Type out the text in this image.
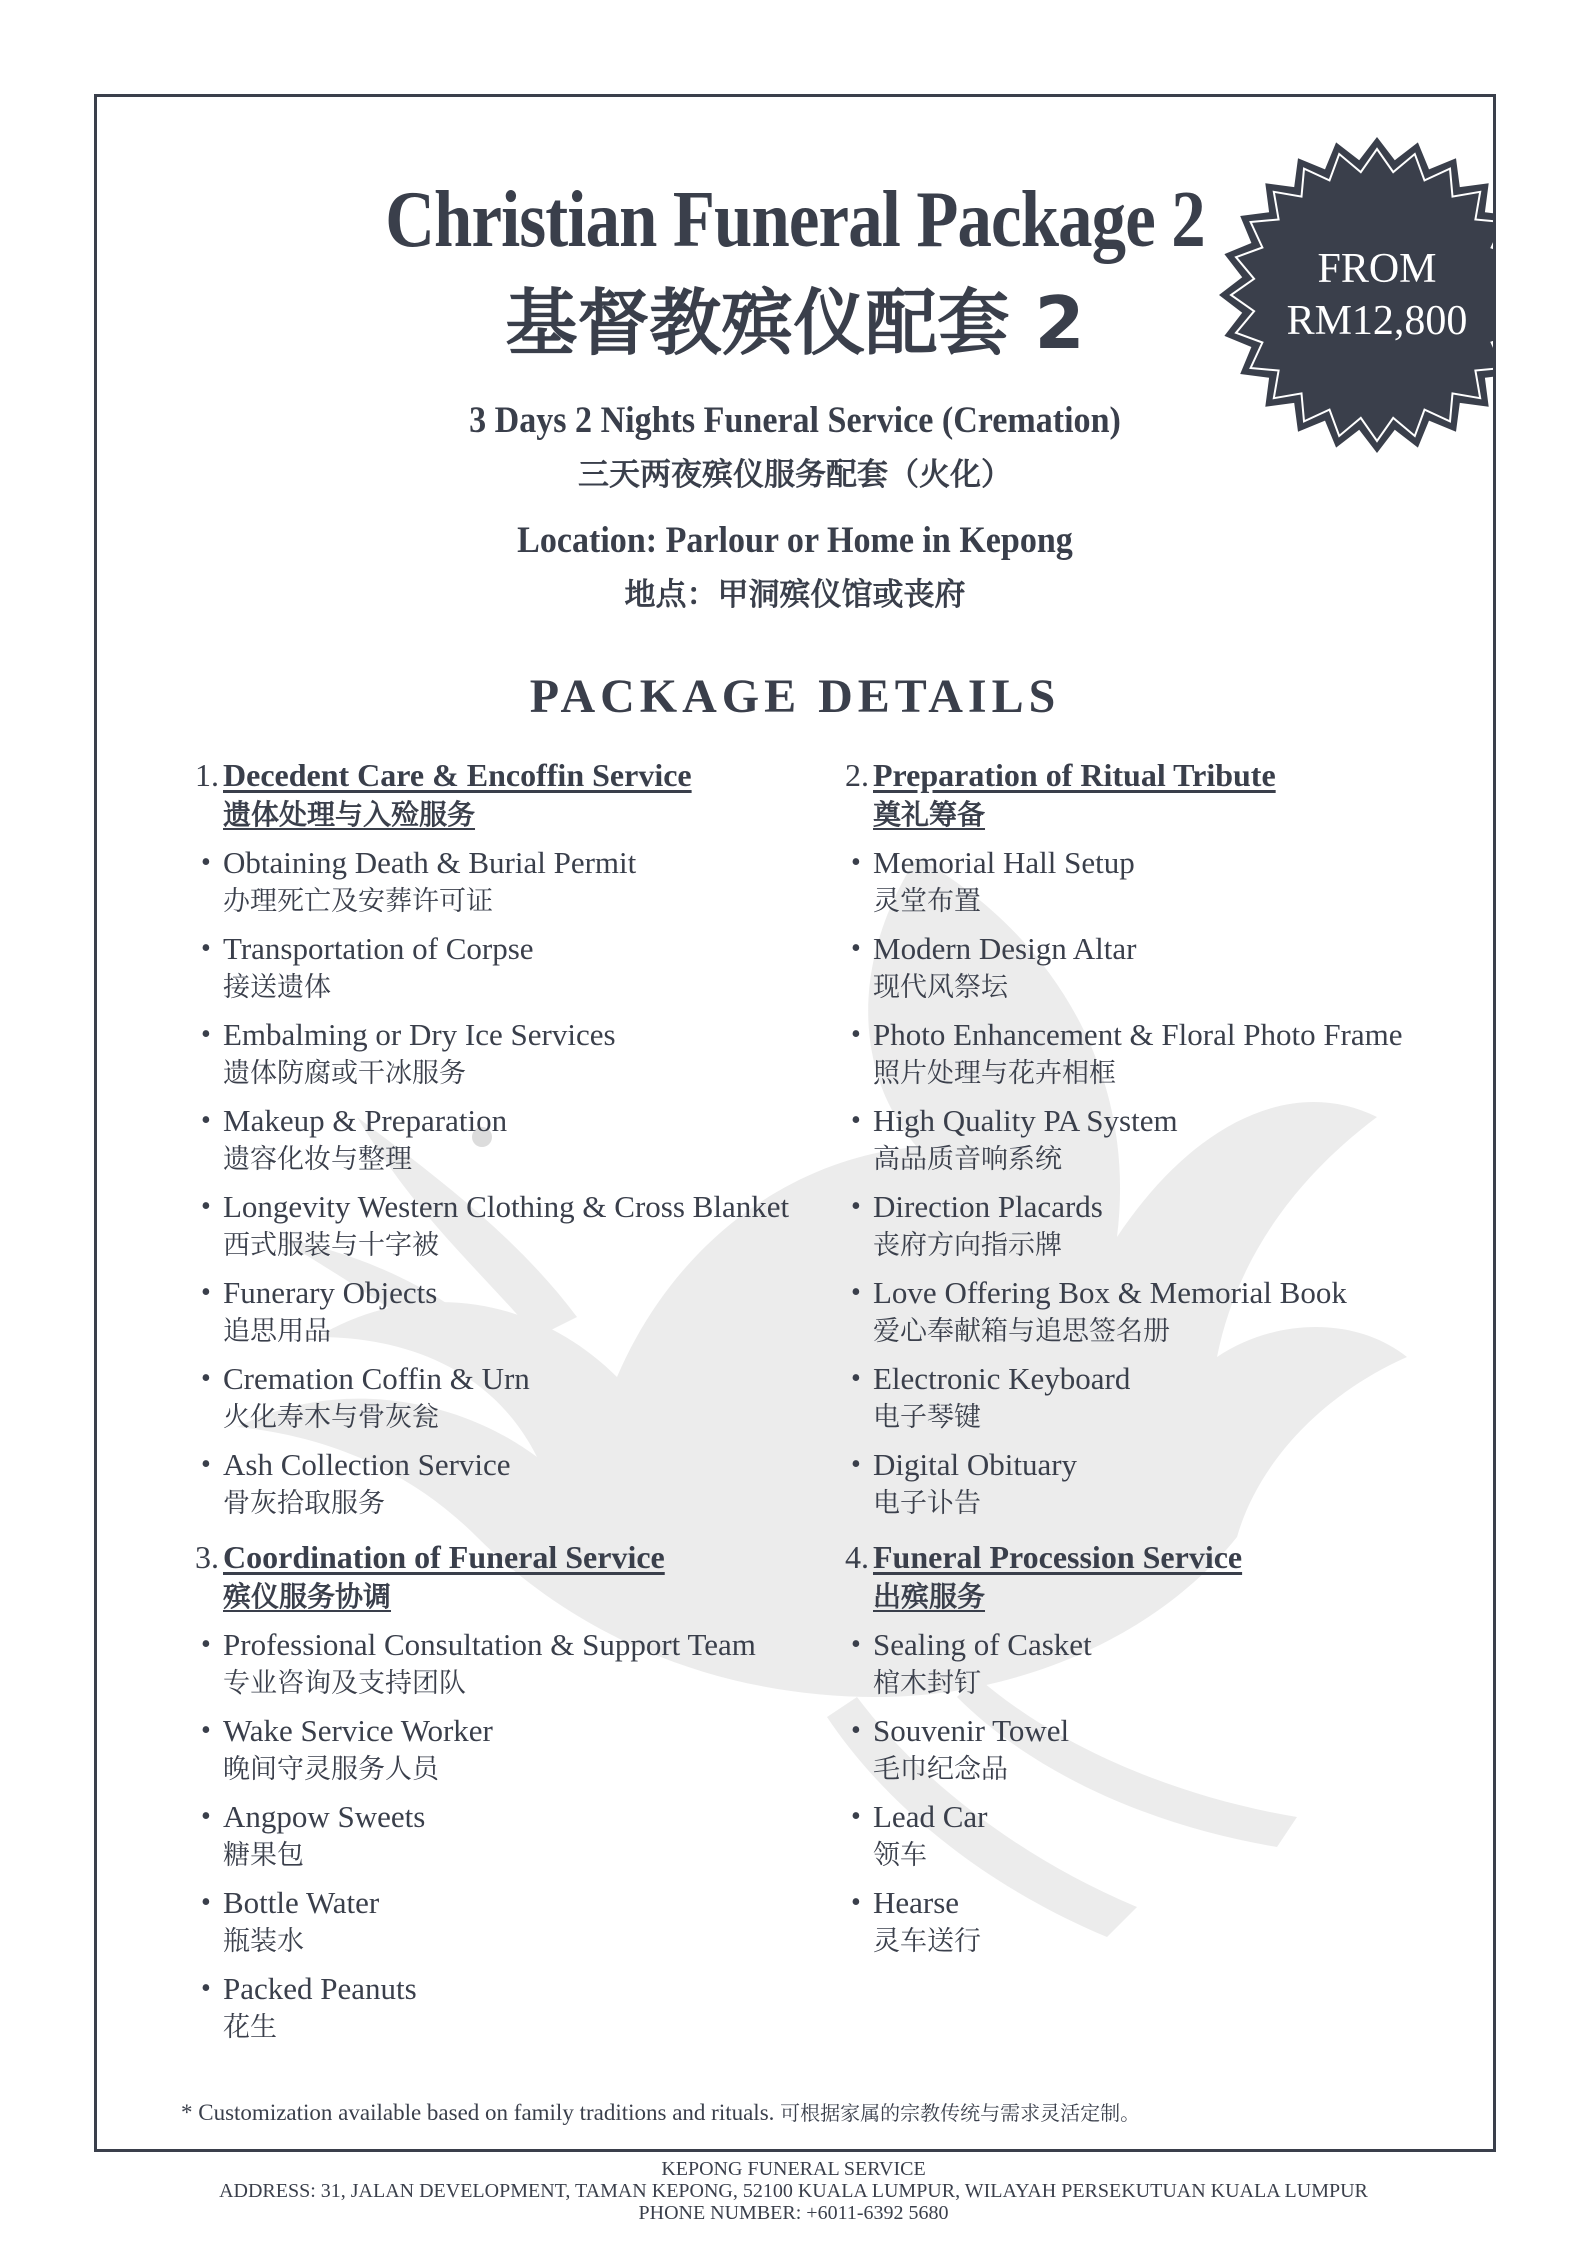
Christian Funeral Package 2
基督教殡仪配套 2
FROM
RM12,800
3 Days 2 Nights Funeral Service (Cremation)
三天两夜殡仪服务配套（火化）
Location: Parlour or Home in Kepong
地点：甲洞殡仪馆或丧府
PACKAGE DETAILS
1. Decedent Care & Encoffin Service
遗体处理与入殓服务
• Obtaining Death & Burial Permit
办理死亡及安葬许可证
• Transportation of Corpse
接送遗体
• Embalming or Dry Ice Services
遗体防腐或干冰服务
• Makeup & Preparation
遗容化妆与整理
• Longevity Western Clothing & Cross Blanket
西式服装与十字被
• Funerary Objects
追思用品
• Cremation Coffin & Urn
火化寿木与骨灰瓮
• Ash Collection Service
骨灰拾取服务
2. Preparation of Ritual Tribute
奠礼筹备
• Memorial Hall Setup
灵堂布置
• Modern Design Altar
现代风祭坛
• Photo Enhancement & Floral Photo Frame
照片处理与花卉相框
• High Quality PA System
高品质音响系统
• Direction Placards
丧府方向指示牌
• Love Offering Box & Memorial Book
爱心奉献箱与追思签名册
• Electronic Keyboard
电子琴键
• Digital Obituary
电子讣告
3. Coordination of Funeral Service
殡仪服务协调
• Professional Consultation & Support Team
专业咨询及支持团队
• Wake Service Worker
晚间守灵服务人员
• Angpow Sweets
糖果包
• Bottle Water
瓶装水
• Packed Peanuts
花生
4. Funeral Procession Service
出殡服务
• Sealing of Casket
棺木封钉
• Souvenir Towel
毛巾纪念品
• Lead Car
领车
• Hearse
灵车送行
* Customization available based on family traditions and rituals. 可根据家属的宗教传统与需求灵活定制。
KEPONG FUNERAL SERVICE
ADDRESS: 31, JALAN DEVELOPMENT, TAMAN KEPONG, 52100 KUALA LUMPUR, WILAYAH PERSEKUTUAN KUALA LUMPUR
PHONE NUMBER: +6011-6392 5680
